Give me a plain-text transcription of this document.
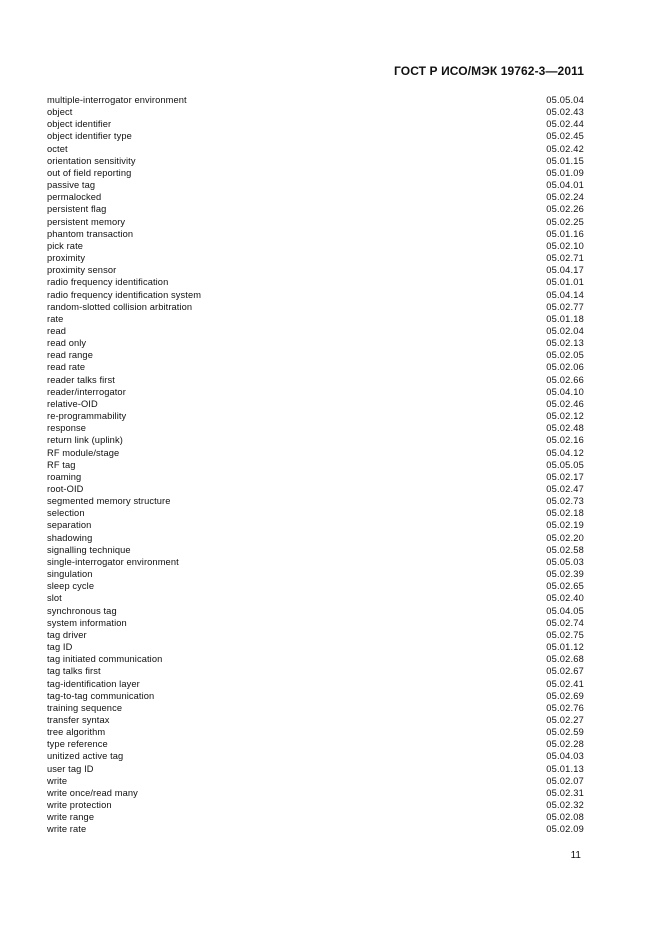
ГОСТ Р ИСО/МЭК 19762-3—2011
multiple-interrogator environment	05.05.04
object	05.02.43
object identifier	05.02.44
object identifier type	05.02.45
octet	05.02.42
orientation sensitivity	05.01.15
out of field reporting	05.01.09
passive tag	05.04.01
permalocked	05.02.24
persistent flag	05.02.26
persistent memory	05.02.25
phantom transaction	05.01.16
pick rate	05.02.10
proximity	05.02.71
proximity sensor	05.04.17
radio frequency identification	05.01.01
radio frequency identification system	05.04.14
random-slotted collision arbitration	05.02.77
rate	05.01.18
read	05.02.04
read only	05.02.13
read range	05.02.05
read rate	05.02.06
reader talks first	05.02.66
reader/interrogator	05.04.10
relative-OID	05.02.46
re-programmability	05.02.12
response	05.02.48
return link (uplink)	05.02.16
RF module/stage	05.04.12
RF tag	05.05.05
roaming	05.02.17
root-OID	05.02.47
segmented memory structure	05.02.73
selection	05.02.18
separation	05.02.19
shadowing	05.02.20
signalling technique	05.02.58
single-interrogator environment	05.05.03
singulation	05.02.39
sleep cycle	05.02.65
slot	05.02.40
synchronous tag	05.04.05
system information	05.02.74
tag driver	05.02.75
tag ID	05.01.12
tag initiated communication	05.02.68
tag talks first	05.02.67
tag-identification layer	05.02.41
tag-to-tag communication	05.02.69
training sequence	05.02.76
transfer syntax	05.02.27
tree algorithm	05.02.59
type reference	05.02.28
unitized active tag	05.04.03
user tag ID	05.01.13
write	05.02.07
write once/read many	05.02.31
write protection	05.02.32
write range	05.02.08
write rate	05.02.09
11
